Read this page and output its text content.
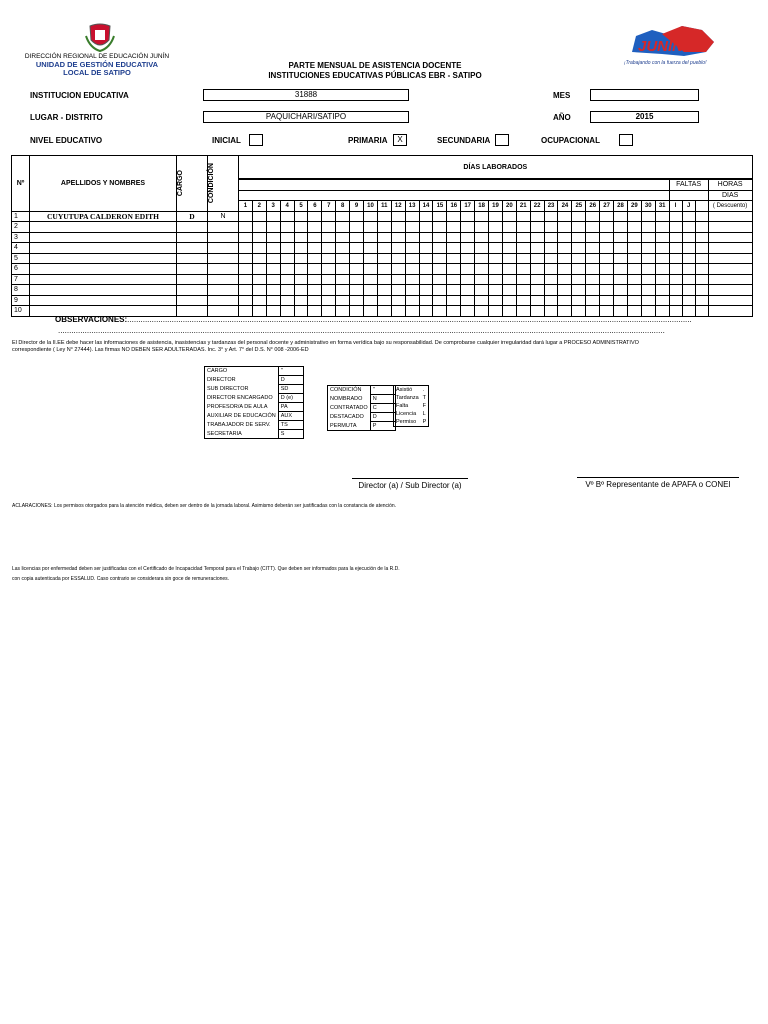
DIRECCIÓN REGIONAL DE EDUCACIÓN JUNÍN
UNIDAD DE GESTIÓN EDUCATIVA
LOCAL DE SATIPO
PARTE MENSUAL DE ASISTENCIA DOCENTE
INSTITUCIONES EDUCATIVAS PÚBLICAS EBR - SATIPO
JUNÍN
¡Trabajando con la fuerza del pueblo!
INSTITUCION EDUCATIVA	31888	MES
LUGAR - DISTRITO	PAQUICHARI/SATIPO	AÑO	2015
NIVEL EDUCATIVO	INICIAL	PRIMARIA	X	SECUNDARIA	OCUPACIONAL
Nº	APELLIDOS Y NOMBRES	CARGO	CONDICIÓN	DÍAS LABORADOS																																		
																																			FALTAS			HORAS
																																						DIAS
				1	2	3	4	5	6	7	8	9	10	11	12	13	14	15	16	17	18	19	20	21	22	23	24	25	26	27	28	29	30	31	I	J		( Descuento)
1	CUYUTUPA CALDERON EDITH	D	N																																			
2																																						
3																																						
4																																						
5																																						
6																																						
7																																						
8																																						
9																																						
10																																						
OBSERVACIONES:..............................................................................................................................................................................................................................................................
.................................................................................................................................................................................................................................................................................
El Director de la II.EE debe hacer las informaciones de asistencia, inasistencias y tardanzas del personal docente y administrativo en forma verídica bajo su responsabilidad. De comprobarse cualquier irregularidad dará lugar a PROCESO ADMINISTRATIVO correspondiente ( Ley N° 27444). Las firmas NO DEBEN SER ADULTERADAS. Inc. 3° y Art. 7° del D.S. N° 008 -2006-ED
CARGO	"
DIRECTOR	D
SUB DIRECTOR	SD
DIRECTOR ENCARGADO	D (e)
PROFESOR/A DE AULA	PA
AUXILIAR DE EDUCACIÓN	AUX
TRABAJADOR DE SERV.	TS
SECRETARIA	S
CONDICIÓN	"
NOMBRADO	N
CONTRATADO	C
DESTACADO	D
PERMUTA	P
Asistió	.
Tardanza	T
Falta	F
Licencia	L
Permiso	P
Director (a) / Sub Director (a)	Vº Bº Representante de APAFA o CONEI
ACLARACIONES: Los permisos otorgados para la atención médica, deben ser dentro de la jornada laboral. Asimismo deberán ser justificadas con la constancia de atención.
Las licencias por enfermedad deben ser justificadas con el Certificado de Incapacidad Temporal para el Trabajo (CITT). Que deben ser informados para la ejecución de la R.D.
con copia autenticada por ESSALUD. Caso contrario se considerara sin goce de remuneraciones.
